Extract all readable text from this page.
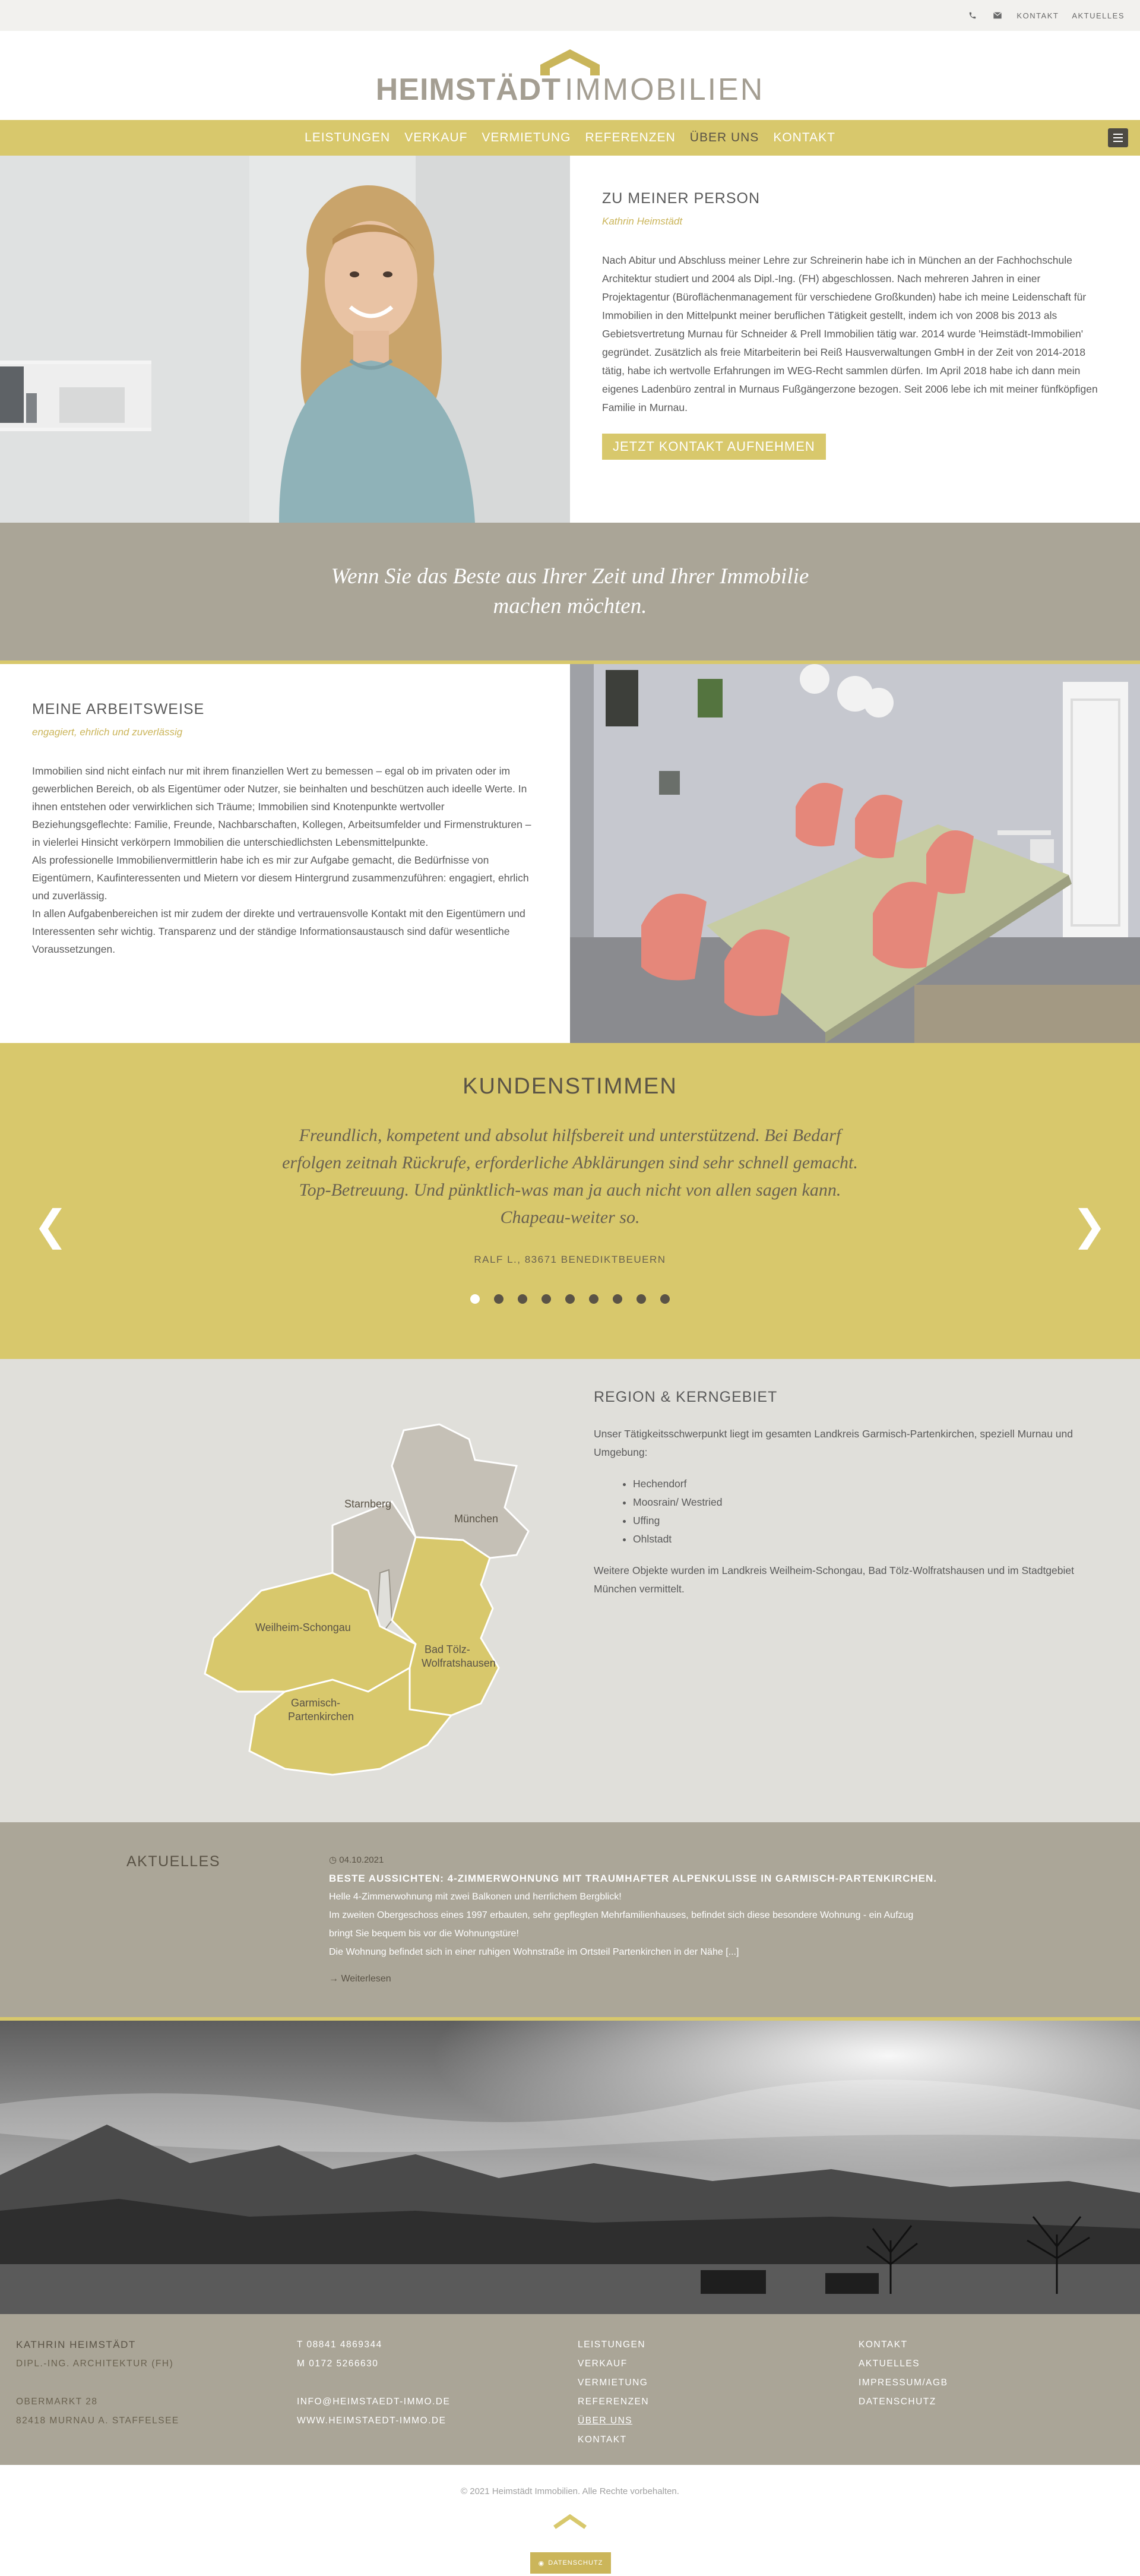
KONTAKT AKTUELLES
HEIMSTÄDT IMMOBILIEN
LEISTUNGEN VERKAUF VERMIETUNG REFERENZEN ÜBER UNS KONTAKT
ZU MEINER PERSON
Kathrin Heimstädt

Nach Abitur und Abschluss meiner Lehre zur Schreinerin habe ich in München an der Fachhochschule Architektur studiert und 2004 als Dipl.-Ing. (FH) abgeschlossen. Nach mehreren Jahren in einer Projektagentur (Büroflächenmanagement für verschiedene Großkunden) habe ich meine Leidenschaft für Immobilien in den Mittelpunkt meiner beruflichen Tätigkeit gestellt, indem ich von 2008 bis 2013 als Gebietsvertretung Murnau für Schneider & Prell Immobilien tätig war. 2014 wurde 'Heimstädt-Immobilien' gegründet. Zusätzlich als freie Mitarbeiterin bei Reiß Hausverwaltungen GmbH in der Zeit von 2014-2018 tätig, habe ich wertvolle Erfahrungen im WEG-Recht sammlen dürfen. Im April 2018 habe ich dann mein eigenes Ladenbüro zentral in Murnaus Fußgängerzone bezogen. Seit 2006 lebe ich mit meiner fünfköpfigen Familie in Murnau.

JETZT KONTAKT AUFNEHMEN

Wenn Sie das Beste aus Ihrer Zeit und Ihrer Immobilie
machen möchten.

MEINE ARBEITSWEISE
engagiert, ehrlich und zuverlässig

Immobilien sind nicht einfach nur mit ihrem finanziellen Wert zu bemessen – egal ob im privaten oder im gewerblichen Bereich, ob als Eigentümer oder Nutzer, sie beinhalten und beschützen auch ideelle Werte. In ihnen entstehen oder verwirklichen sich Träume; Immobilien sind Knotenpunkte wertvoller Beziehungsgeflechte: Familie, Freunde, Nachbarschaften, Kollegen, Arbeitsumfelder und Firmenstrukturen – in vielerlei Hinsicht verkörpern Immobilien die unterschiedlichsten Lebensmittelpunkte.

Als professionelle Immobilienvermittlerin habe ich es mir zur Aufgabe gemacht, die Bedürfnisse von Eigentümern, Kaufinteressenten und Mietern vor diesem Hintergrund zusammenzuführen: engagiert, ehrlich und zuverlässig.

In allen Aufgabenbereichen ist mir zudem der direkte und vertrauensvolle Kontakt mit den Eigentümern und Interessenten sehr wichtig. Transparenz und der ständige Informationsaustausch sind dafür wesentliche Voraussetzungen.

KUNDENSTIMMEN
Freundlich, kompetent und absolut hilfsbereit und unterstützend. Bei Bedarf
erfolgen zeitnah Rückrufe, erforderliche Abklärungen sind sehr schnell gemacht.
Top-Betreuung. Und pünktlich-was man ja auch nicht von allen sagen kann.
Chapeau-weiter so.
RALF L., 83671 BENEDIKTBEUERN
❮	❯
Starnberg
München
Weilheim-Schongau
Bad Tölz-
Wolfratshausen
Garmisch-
Partenkirchen
REGION & KERNGEBIET

Unser Tätigkeitsschwerpunkt liegt im gesamten Landkreis Garmisch-Partenkirchen, speziell Murnau und Umgebung:

• Hechendorf
• Moosrain/ Westried
• Uffing
• Ohlstadt

Weitere Objekte wurden im Landkreis Weilheim-Schongau, Bad Tölz-Wolfratshausen und im Stadtgebiet München vermittelt.

AKTUELLES	◷ 04.10.2021
BESTE AUSSICHTEN: 4-ZIMMERWOHNUNG MIT TRAUMHAFTER ALPENKULISSE IN GARMISCH-PARTENKIRCHEN.
Helle 4-Zimmerwohnung mit zwei Balkonen und herrlichem Bergblick!
Im zweiten Obergeschoss eines 1997 erbauten, sehr gepflegten Mehrfamilienhauses, befindet sich diese besondere Wohnung - ein Aufzug
bringt Sie bequem bis vor die Wohnungstüre!
Die Wohnung befindet sich in einer ruhigen Wohnstraße im Ortsteil Partenkirchen in der Nähe [...]
→ Weiterlesen
KATHRIN HEIMSTÄDT
DIPL.-ING. ARCHITEKTUR (FH)
OBERMARKT 28
82418 MURNAU A. STAFFELSEE
T 08841 4869344
M 0172 5266630
INFO@HEIMSTAEDT-IMMO.DE
WWW.HEIMSTAEDT-IMMO.DE
LEISTUNGEN
VERKAUF
VERMIETUNG
REFERENZEN
ÜBER UNS
KONTAKT
KONTAKT
AKTUELLES
IMPRESSUM/AGB
DATENSCHUTZ
© 2021 Heimstädt Immobilien. Alle Rechte vorbehalten.
◉ DATENSCHUTZ
